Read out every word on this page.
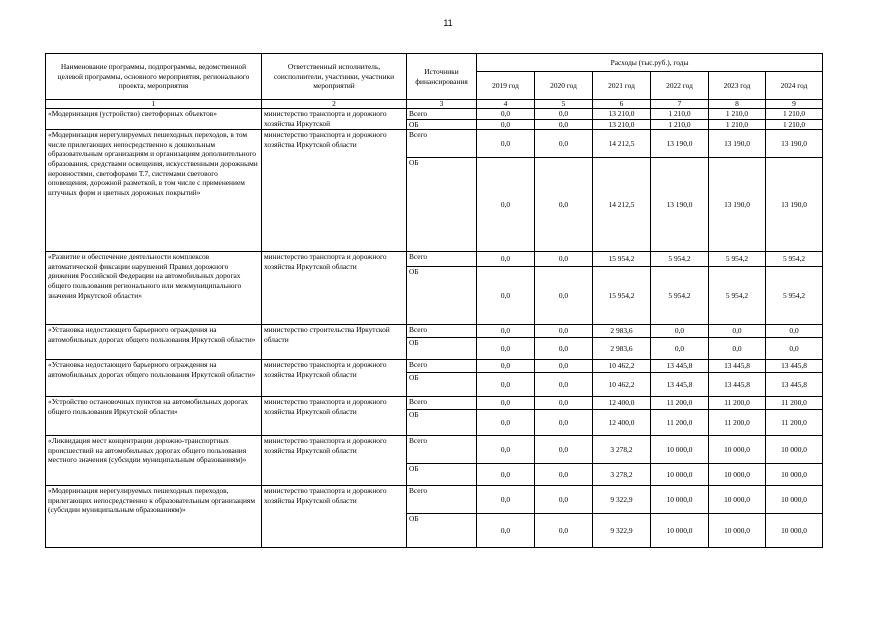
11
Наименование программы, подпрограммы, ведомственной целевой программы, основного мероприятия, регионального проекта, мероприятия	Ответственный исполнитель, соисполнители, участники, участники мероприятий	Источники финансирования	Расходы (тыс.руб.), годы					
			2019 год	2020 год	2021 год	2022 год	2023 год	2024 год
1	2	3	4	5	6	7	8	9
«Модернизация (устройство) светофорных объектов»	министерство транспорта и дорожного хозяйства Иркутской	Всего	0,0	0,0	13 210,0	1 210,0	1 210,0	1 210,0
		ОБ	0,0	0,0	13 210,0	1 210,0	1 210,0	1 210,0
«Модернизация нерегулируемых пешеходных переходов, в том числе прилегающих непосредственно к дошкольным образовательным организациям и организациям дополнительного образования, средствами освещения, искусственными дорожными неровностями, светофорами Т.7, системами светового оповещения, дорожной разметкой, в том числе с применением штучных форм и цветных дорожных покрытий»	министерство транспорта и дорожного хозяйства Иркутской области	Всего	0,0	0,0	14 212,5	13 190,0	13 190,0	13 190,0
		ОБ	0,0	0,0	14 212,5	13 190,0	13 190,0	13 190,0
«Развитие и обеспечение деятельности комплексов автоматической фиксации нарушений Правил дорожного движения Российской Федерации на автомобильных дорогах общего пользования регионального или межмуниципального значения Иркутской области»	министерство транспорта и дорожного хозяйства Иркутской области	Всего	0,0	0,0	15 954,2	5 954,2	5 954,2	5 954,2
		ОБ	0,0	0,0	15 954,2	5 954,2	5 954,2	5 954,2
«Установка недостающего барьерного ограждения на автомобильных дорогах общего пользования Иркутской области»	министерство строительства Иркутской области	Всего	0,0	0,0	2 983,6	0,0	0,0	0,0
		ОБ	0,0	0,0	2 983,6	0,0	0,0	0,0
«Установка недостающего барьерного ограждения на автомобильных дорогах общего пользования Иркутской области»	министерство транспорта и дорожного хозяйства Иркутской области	Всего	0,0	0,0	10 462,2	13 445,8	13 445,8	13 445,8
		ОБ	0,0	0,0	10 462,2	13 445,8	13 445,8	13 445,8
«Устройство остановочных пунктов на автомобильных дорогах общего пользования Иркутской области»	министерство транспорта и дорожного хозяйства Иркутской области	Всего	0,0	0,0	12 400,0	11 200,0	11 200,0	11 200,0
		ОБ	0,0	0,0	12 400,0	11 200,0	11 200,0	11 200,0
«Ликвидация мест концентрации дорожно-транспортных происшествий на автомобильных дорогах общего пользования местного значения (субсидии муниципальным образованиям)»	министерство транспорта и дорожного хозяйства Иркутской области	Всего	0,0	0,0	3 278,2	10 000,0	10 000,0	10 000,0
		ОБ	0,0	0,0	3 278,2	10 000,0	10 000,0	10 000,0
«Модернизация нерегулируемых пешеходных переходов, прилегающих непосредственно к образовательным организациям (субсидии муниципальным образованиям)»	министерство транспорта и дорожного хозяйства Иркутской области	Всего	0,0	0,0	9 322,9	10 000,0	10 000,0	10 000,0
		ОБ	0,0	0,0	9 322,9	10 000,0	10 000,0	10 000,0
